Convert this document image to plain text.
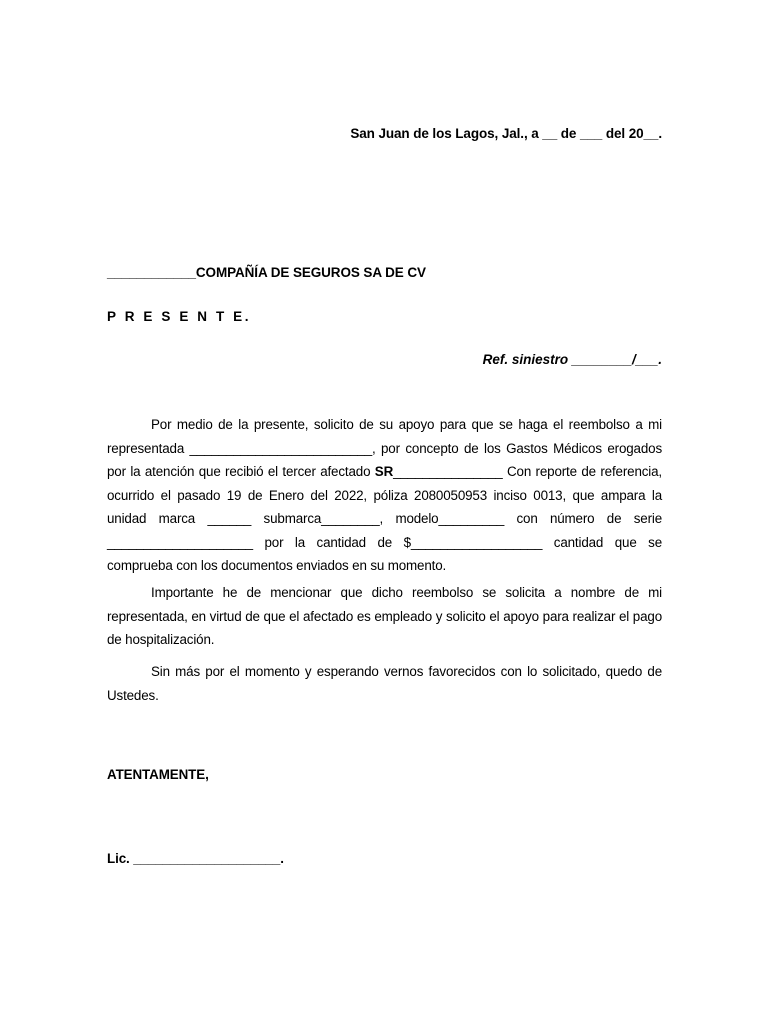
San Juan de los Lagos, Jal., a __ de ___ del 20__.
____________COMPAÑÍA DE SEGUROS SA DE CV
P R E S E N T E.
Ref. siniestro ________/___.
Por medio de la presente, solicito de su apoyo para que se haga el reembolso a mi representada _________________________, por concepto de los Gastos Médicos erogados por la atención que recibió el tercer afectado SR_______________ Con reporte de referencia, ocurrido el pasado 19 de Enero del 2022, póliza 2080050953 inciso 0013, que ampara la unidad marca ______ submarca________, modelo_________ con número de serie ____________________ por la cantidad de $__________________ cantidad que se comprueba con los documentos enviados en su momento.
Importante he de mencionar que dicho reembolso se solicita a nombre de mi representada, en virtud de que el afectado es empleado y solicito el apoyo para realizar el pago de hospitalización.
Sin más por el momento y esperando vernos favorecidos con lo solicitado, quedo de Ustedes.
ATENTAMENTE,
Lic. ____________________.
